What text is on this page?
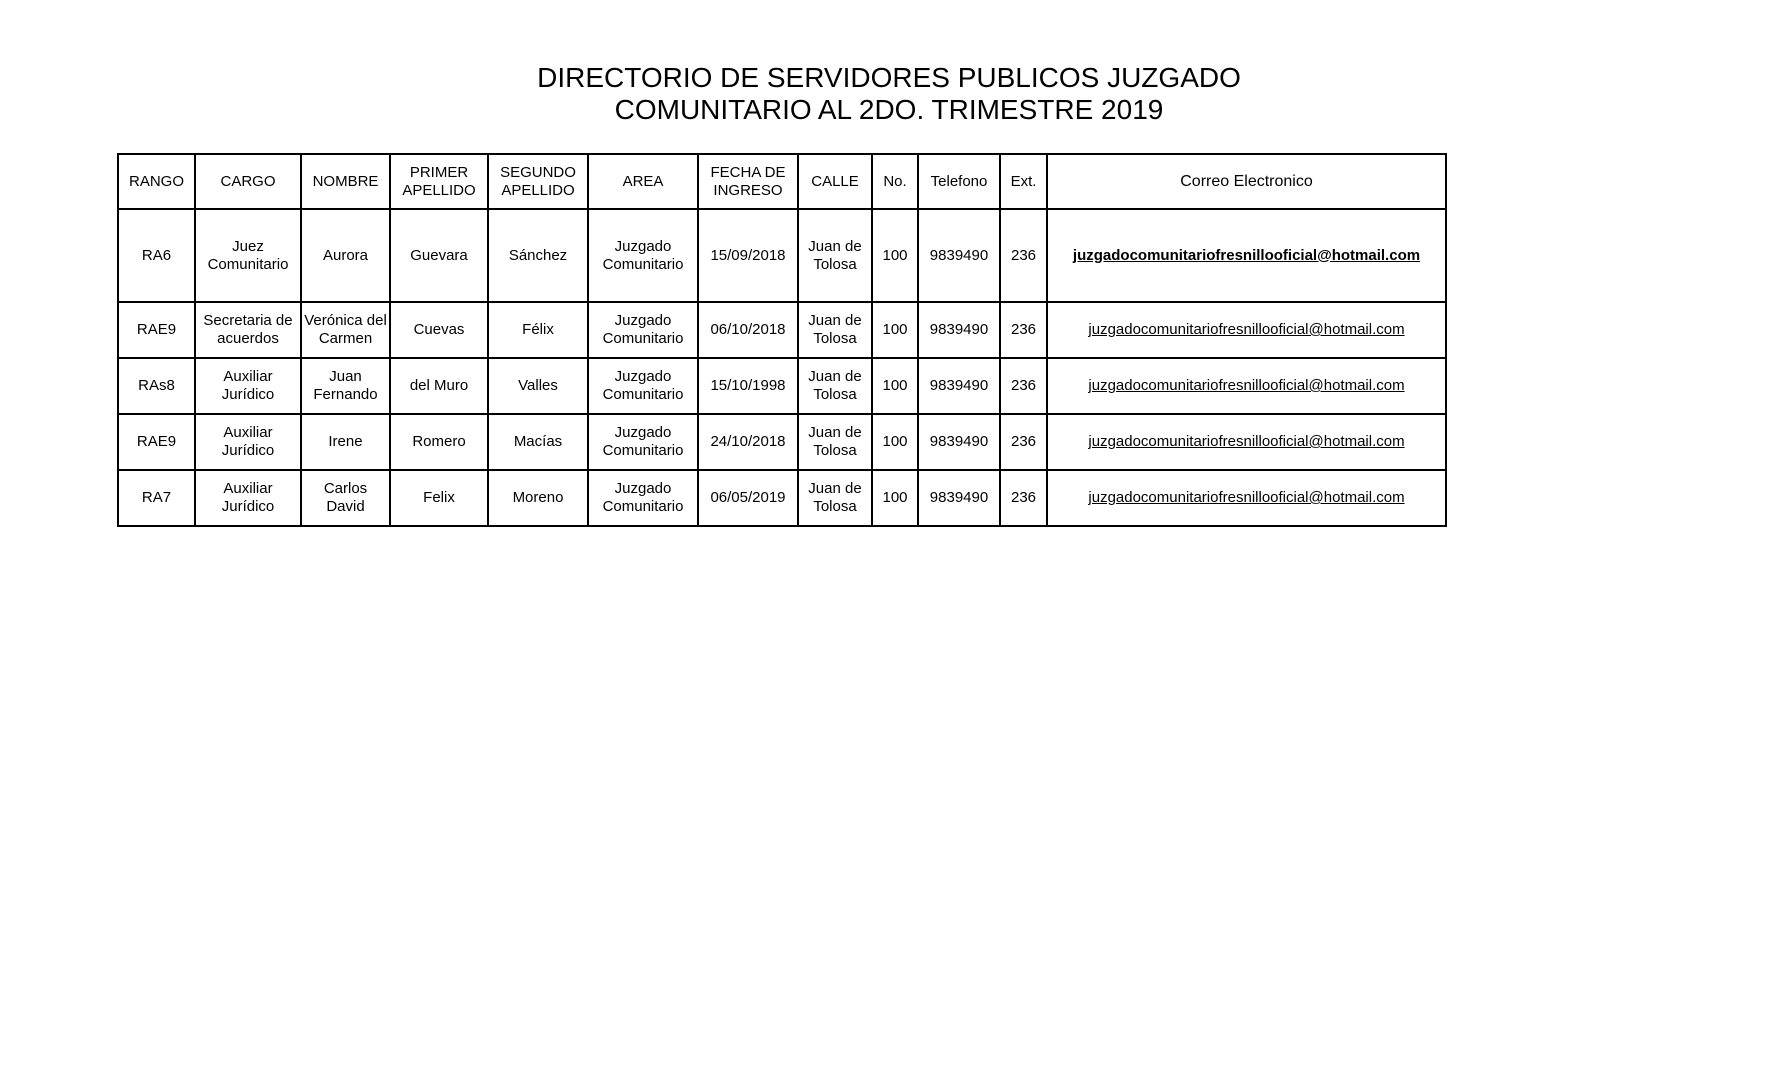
DIRECTORIO DE SERVIDORES PUBLICOS JUZGADO
COMUNITARIO AL 2DO. TRIMESTRE 2019
RANGO	CARGO	NOMBRE	PRIMER APELLIDO	SEGUNDO APELLIDO	AREA	FECHA DE INGRESO	CALLE	No.	Telefono	Ext.	Correo Electronico
RA6	Juez Comunitario	Aurora	Guevara	Sánchez	Juzgado Comunitario	15/09/2018	Juan de Tolosa	100	9839490	236	juzgadocomunitariofresnillooficial@hotmail.com
RAE9	Secretaria de acuerdos	Verónica del Carmen	Cuevas	Félix	Juzgado Comunitario	06/10/2018	Juan de Tolosa	100	9839490	236	juzgadocomunitariofresnillooficial@hotmail.com
RAs8	Auxiliar Jurídico	Juan Fernando	del Muro	Valles	Juzgado Comunitario	15/10/1998	Juan de Tolosa	100	9839490	236	juzgadocomunitariofresnillooficial@hotmail.com
RAE9	Auxiliar Jurídico	Irene	Romero	Macías	Juzgado Comunitario	24/10/2018	Juan de Tolosa	100	9839490	236	juzgadocomunitariofresnillooficial@hotmail.com
RA7	Auxiliar Jurídico	Carlos David	Felix	Moreno	Juzgado Comunitario	06/05/2019	Juan de Tolosa	100	9839490	236	juzgadocomunitariofresnillooficial@hotmail.com
